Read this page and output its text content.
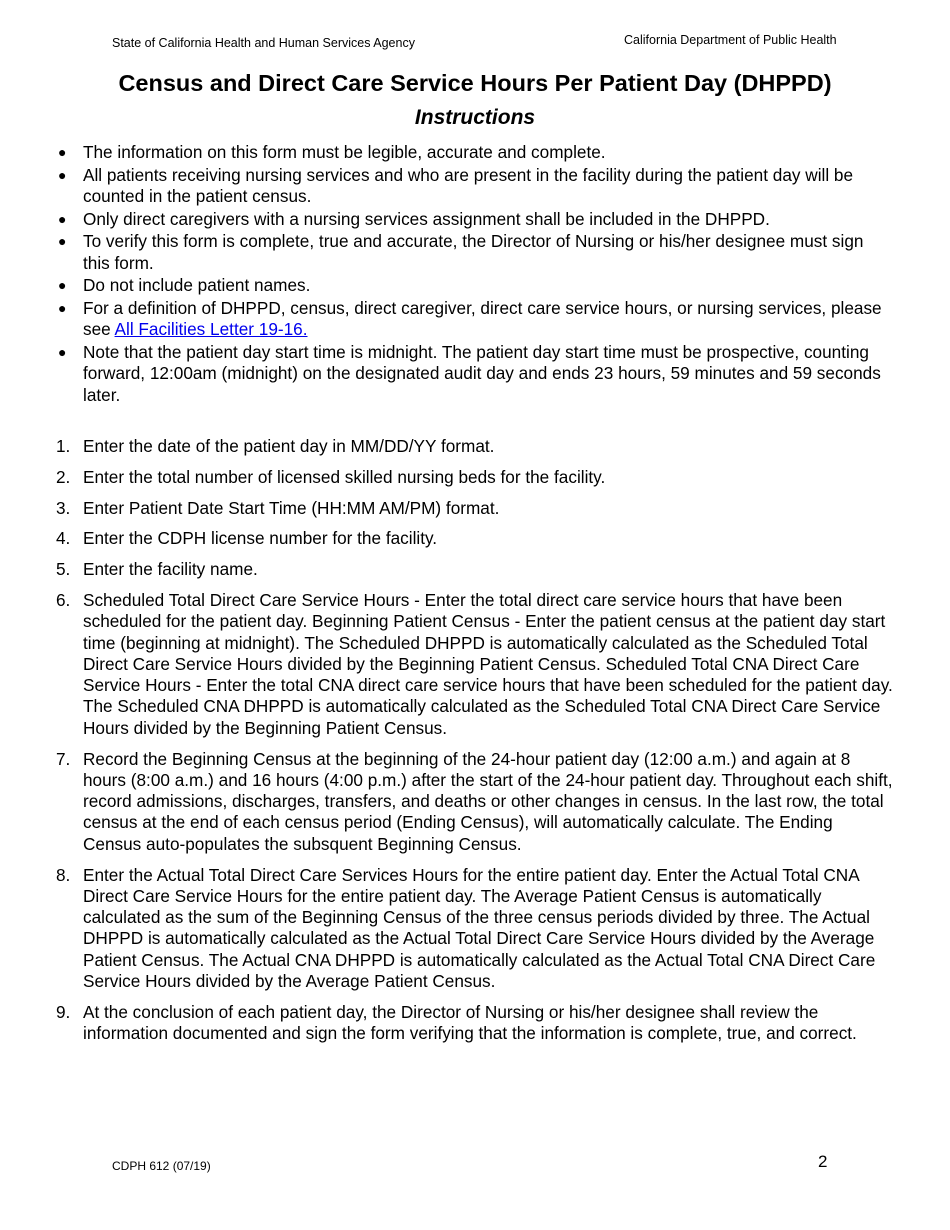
State of California Health and Human Services Agency	California Department of Public Health
Census and Direct Care Service Hours Per Patient Day (DHPPD)
Instructions
● The information on this form must be legible, accurate and complete.
● All patients receiving nursing services and who are present in the facility during the patient day will be counted in the patient census.
● Only direct caregivers with a nursing services assignment shall be included in the DHPPD.
● To verify this form is complete, true and accurate, the Director of Nursing or his/her designee must sign this form.
● Do not include patient names.
● For a definition of DHPPD, census, direct caregiver, direct care service hours, or nursing services, please see All Facilities Letter 19-16.
● Note that the patient day start time is midnight. The patient day start time must be prospective, counting forward, 12:00am (midnight) on the designated audit day and ends 23 hours, 59 minutes and 59 seconds later.
1. Enter the date of the patient day in MM/DD/YY format.
2. Enter the total number of licensed skilled nursing beds for the facility.
3. Enter Patient Date Start Time (HH:MM AM/PM) format.
4. Enter the CDPH license number for the facility.
5. Enter the facility name.
6. Scheduled Total Direct Care Service Hours - Enter the total direct care service hours that have been scheduled for the patient day. Beginning Patient Census - Enter the patient census at the patient day start time (beginning at midnight). The Scheduled DHPPD is automatically calculated as the Scheduled Total Direct Care Service Hours divided by the Beginning Patient Census. Scheduled Total CNA Direct Care Service Hours - Enter the total CNA direct care service hours that have been scheduled for the patient day. The Scheduled CNA DHPPD is automatically calculated as the Scheduled Total CNA Direct Care Service Hours divided by the Beginning Patient Census.
7. Record the Beginning Census at the beginning of the 24-hour patient day (12:00 a.m.) and again at 8 hours (8:00 a.m.) and 16 hours (4:00 p.m.) after the start of the 24-hour patient day. Throughout each shift, record admissions, discharges, transfers, and deaths or other changes in census. In the last row, the total census at the end of each census period (Ending Census), will automatically calculate. The Ending Census auto-populates the subsquent Beginning Census.
8. Enter the Actual Total Direct Care Services Hours for the entire patient day. Enter the Actual Total CNA Direct Care Service Hours for the entire patient day. The Average Patient Census is automatically calculated as the sum of the Beginning Census of the three census periods divided by three. The Actual DHPPD is automatically calculated as the Actual Total Direct Care Service Hours divided by the Average Patient Census. The Actual CNA DHPPD is automatically calculated as the Actual Total CNA Direct Care Service Hours divided by the Average Patient Census.
9. At the conclusion of each patient day, the Director of Nursing or his/her designee shall review the information documented and sign the form verifying that the information is complete, true, and correct.
CDPH 612 (07/19)	2
